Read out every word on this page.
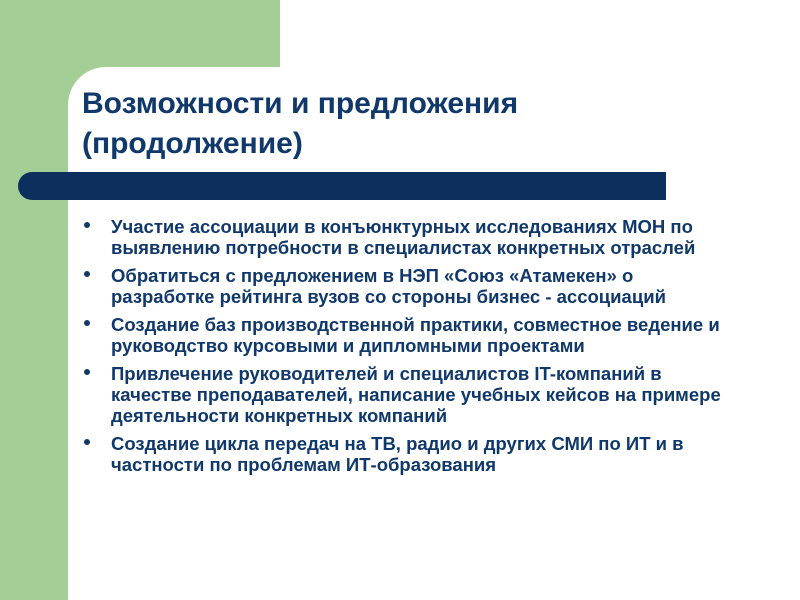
Возможности и предложения
(продолжение)
Участие ассоциации в конъюнктурных исследованиях МОН по выявлению потребности в специалистах конкретных отраслей
Обратиться с предложением в НЭП «Союз «Атамекен» о разработке рейтинга вузов со стороны бизнес - ассоциаций
Создание баз производственной практики, совместное ведение и руководство курсовыми и дипломными проектами
Привлечение руководителей и специалистов IT-компаний в качестве преподавателей, написание учебных кейсов на примере деятельности конкретных компаний
Создание цикла передач на ТВ, радио и других СМИ по ИТ и в частности по проблемам ИТ-образования
